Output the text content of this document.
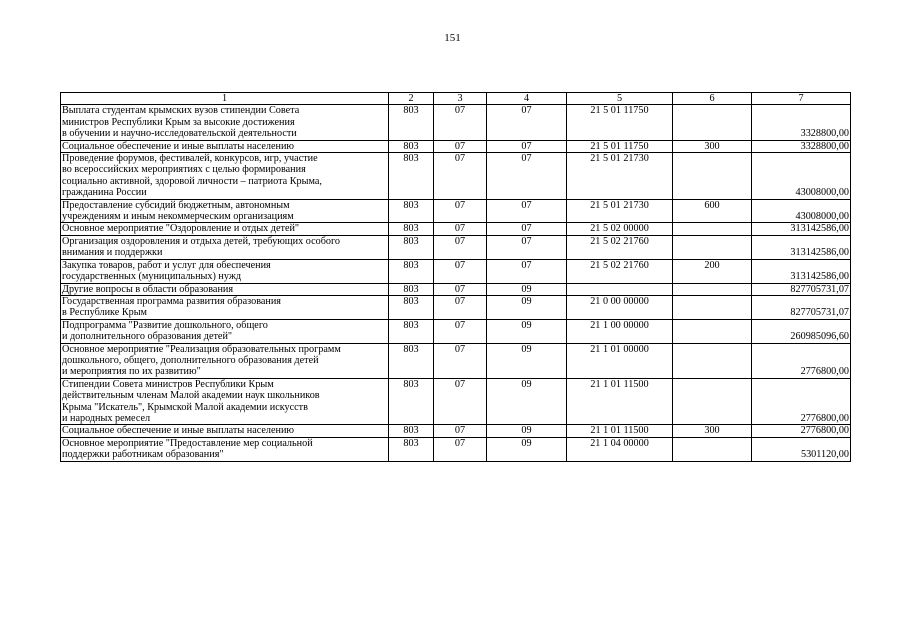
151
1	2	3	4	5	6	7
Выплата студентам крымских вузов стипендии Совета
министров Республики Крым за высокие достижения
в обучении и научно-исследовательской деятельности	803	07	07	21 5 01 11750		3328800,00
Социальное обеспечение и иные выплаты населению	803	07	07	21 5 01 11750	300	3328800,00
Проведение форумов, фестивалей, конкурсов, игр, участие
во всероссийских мероприятиях с целью формирования
социально активной, здоровой личности – патриота Крыма,
гражданина России	803	07	07	21 5 01 21730		43008000,00
Предоставление субсидий бюджетным, автономным
учреждениям и иным некоммерческим организациям	803	07	07	21 5 01 21730	600	43008000,00
Основное мероприятие "Оздоровление и отдых детей"	803	07	07	21 5 02 00000		313142586,00
Организация оздоровления и отдыха детей, требующих особого
внимания и поддержки	803	07	07	21 5 02 21760		313142586,00
Закупка товаров, работ и услуг для обеспечения
государственных (муниципальных) нужд	803	07	07	21 5 02 21760	200	313142586,00
Другие вопросы в области образования	803	07	09			827705731,07
Государственная программа развития образования
в Республике Крым	803	07	09	21 0 00 00000		827705731,07
Подпрограмма "Развитие дошкольного, общего
и дополнительного образования детей"	803	07	09	21 1 00 00000		260985096,60
Основное мероприятие "Реализация образовательных программ
дошкольного, общего, дополнительного образования детей
и мероприятия по их развитию"	803	07	09	21 1 01 00000		2776800,00
Стипендии Совета министров Республики Крым
действительным членам Малой академии наук школьников
Крыма "Искатель", Крымской Малой академии искусств
и народных ремесел	803	07	09	21 1 01 11500		2776800,00
Социальное обеспечение и иные выплаты населению	803	07	09	21 1 01 11500	300	2776800,00
Основное мероприятие "Предоставление мер социальной
поддержки работникам образования"	803	07	09	21 1 04 00000		5301120,00
